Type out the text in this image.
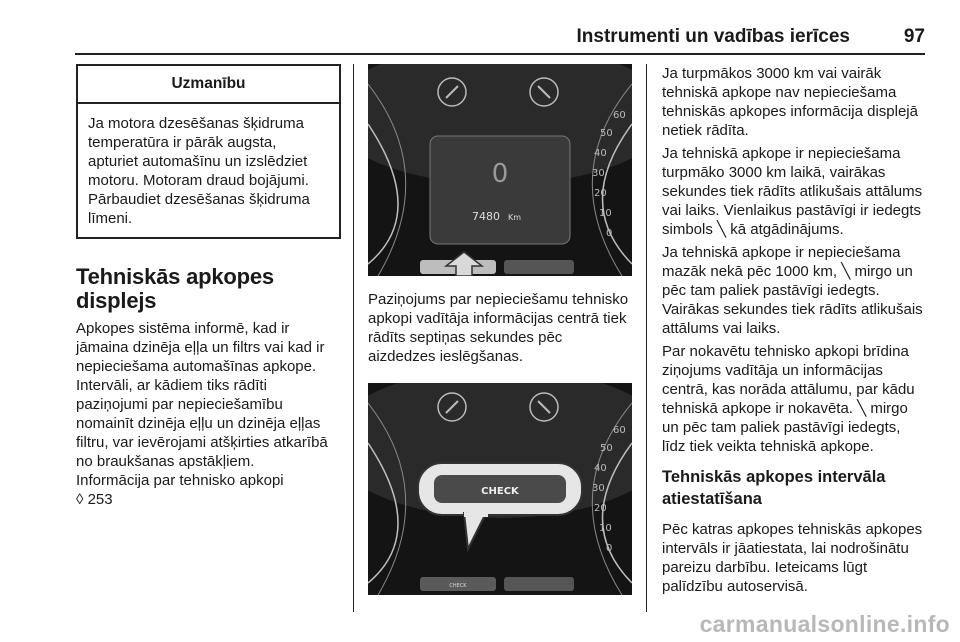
Instrumenti un vadības ierīces	97
Uzmanību
Ja motora dzesēšanas šķidruma temperatūra ir pārāk augsta, apturiet automašīnu un izslēdziet motoru. Motoram draud bojājumi. Pārbaudiet dzesēšanas šķidruma līmeni.
Tehniskās apkopes displejs

Apkopes sistēma informē, kad ir jāmaina dzinēja eļļa un filtrs vai kad ir nepieciešama automašīnas apkope. Intervāli, ar kādiem tiks rādīti paziņojumi par nepieciešamību nomainīt dzinēja eļļu un dzinēja eļļas filtru, var ievērojami atšķirties atkarībā no braukšanas apstākļiem.

Informācija par tehnisko apkopi

◊ 253
60
50
40
30
20
10
0
0
7480 Km
Paziņojums par nepieciešamu tehnisko apkopi vadītāja informācijas centrā tiek rādīts septiņas sekundes pēc aizdedzes ieslēgšanas.
60
50
40
30
20
10
0
CHECK
CHECK

Ja turpmākos 3000 km vai vairāk tehniskā apkope nav nepieciešama tehniskās apkopes informācija displejā netiek rādīta.

Ja tehniskā apkope ir nepieciešama turpmāko 3000 km laikā, vairākas sekundes tiek rādīts atlikušais attālums vai laiks. Vienlaikus pastāvīgi ir iedegts simbols ╲ kā atgādinājums.

Ja tehniskā apkope ir nepieciešama mazāk nekā pēc 1000 km, ╲ mirgo un pēc tam paliek pastāvīgi iedegts. Vairākas sekundes tiek rādīts atlikušais attālums vai laiks.

Par nokavētu tehnisko apkopi brīdina ziņojums vadītāja un informācijas centrā, kas norāda attālumu, par kādu tehniskā apkope ir nokavēta. ╲ mirgo un pēc tam paliek pastāvīgi iedegts, līdz tiek veikta tehniskā apkope.

Tehniskās apkopes intervāla atiestatīšana

Pēc katras apkopes tehniskās apkopes intervāls ir jāatiestata, lai nodrošinātu pareizu darbību. Ieteicams lūgt palīdzību autoservisā.

carmanualsonline.info
